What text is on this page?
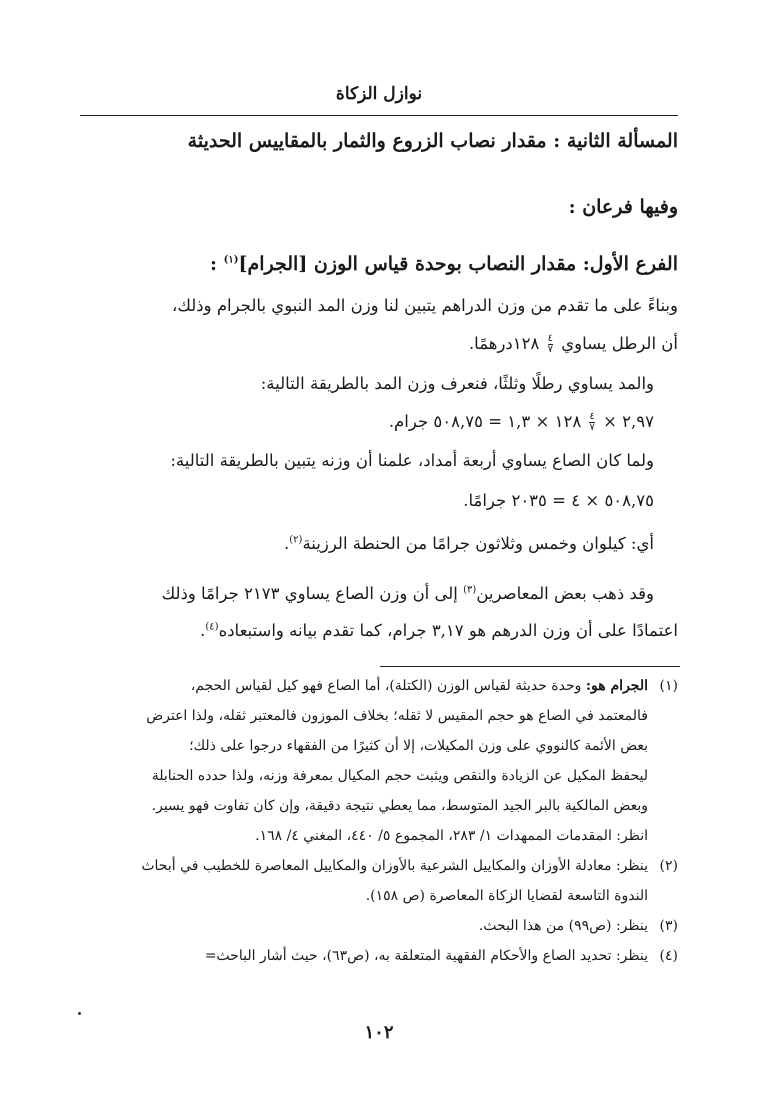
نوازل الزكاة
المسألة الثانية : مقدار نصاب الزروع والثمار بالمقاييس الحديثة
وفيها فرعان :
الفرع الأول: مقدار النصاب بوحدة قياس الوزن [الجرام]$^{(١)}$ :
وبناءً على ما تقدم من وزن الدراهم يتبين لنا وزن المد النبوي بالجرام وذلك،
أن الرطل يساوي
$\frac{٤}{٧}$
١٢٨درهمًا.
والمد يساوي رطلًا وثلثًا، فنعرف وزن المد بالطريقة التالية:
٢,٩٧ ×
$\frac{٤}{٧}$
١٢٨ × ١,٣ = ٥٠٨,٧٥ جرام.
ولما كان الصاع يساوي أربعة أمداد، علمنا أن وزنه يتبين بالطريقة التالية:
٥٠٨,٧٥ × ٤ = ٢٠٣٥ جرامًا.
أي: كيلوان وخمس وثلاثون جرامًا من الحنطة الرزينة$^{(٢)}$.
وقد ذهب بعض المعاصرين$^{(٣)}$ إلى أن وزن الصاع يساوي ٢١٧٣ جرامًا وذلك
اعتمادًا على أن وزن الدرهم هو ٣,١٧ جرام، كما تقدم بيانه واستبعاده$^{(٤)}$.
(١)الجرام هو: وحدة حديثة لقياس الوزن (الكتلة)، أما الصاع فهو كيل لقياس الحجم،
فالمعتمد في الصاع هو حجم المقيس لا ثقله؛ بخلاف الموزون فالمعتبر ثقله، ولذا اعترض
بعض الأئمة كالنووي على وزن المكيلات، إلا أن كثيرًا من الفقهاء درجوا على ذلك؛
ليحفظ المكيل عن الزيادة والنقص ويثبت حجم المكيال بمعرفة وزنه، ولذا حدده الحنابلة
وبعض المالكية بالبر الجيد المتوسط، مما يعطي نتيجة دقيقة، وإن كان تفاوت فهو يسير.
انظر: المقدمات الممهدات ١/ ٢٨٣، المجموع ٥/ ٤٤٠، المغني ٤/ ١٦٨.
(٢)ينظر: معادلة الأوزان والمكاييل الشرعية بالأوزان والمكاييل المعاصرة للخطيب في أبحاث
الندوة التاسعة لقضايا الزكاة المعاصرة (ص ١٥٨).
(٣)ينظر: (ص٩٩) من هذا البحث.
(٤)ينظر: تحديد الصاع والأحكام الفقهية المتعلقة به، (ص٦٣)، حيث أشار الباحث=
١٠٢
